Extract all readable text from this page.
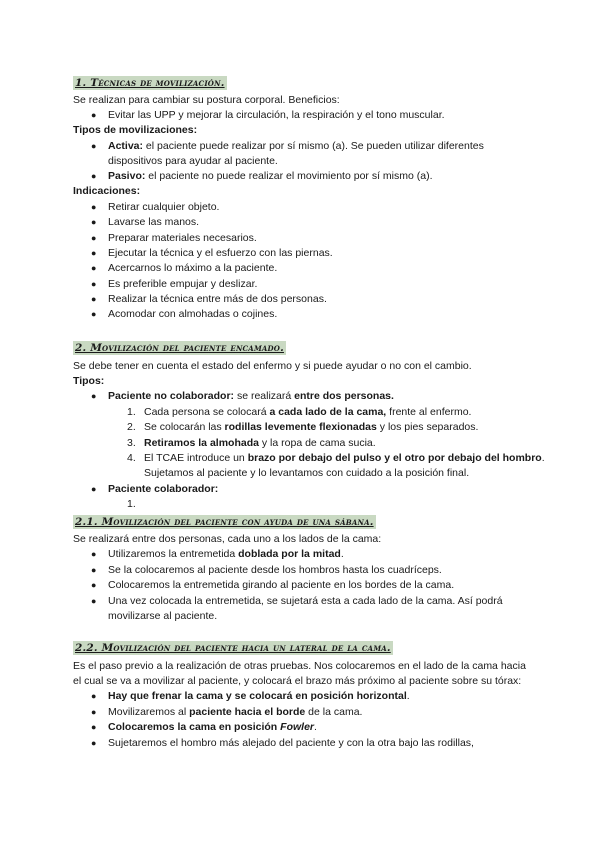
1. Técnicas de movilización.
Se realizan para cambiar su postura corporal. Beneficios:
● Evitar las UPP y mejorar la circulación, la respiración y el tono muscular.
Tipos de movilizaciones:
● Activa: el paciente puede realizar por sí mismo (a). Se pueden utilizar diferentes
dispositivos para ayudar al paciente.
● Pasivo: el paciente no puede realizar el movimiento por sí mismo (a).
Indicaciones:
● Retirar cualquier objeto.
● Lavarse las manos.
● Preparar materiales necesarios.
● Ejecutar la técnica y el esfuerzo con las piernas.
● Acercarnos lo máximo a la paciente.
● Es preferible empujar y deslizar.
● Realizar la técnica entre más de dos personas.
● Acomodar con almohadas o cojines.
2. Movilización del paciente encamado.
Se debe tener en cuenta el estado del enfermo y si puede ayudar o no con el cambio.
Tipos:
● Paciente no colaborador: se realizará entre dos personas.
1. Cada persona se colocará a cada lado de la cama, frente al enfermo.
2. Se colocarán las rodillas levemente flexionadas y los pies separados.
3. Retiramos la almohada y la ropa de cama sucia.
4. El TCAE introduce un brazo por debajo del pulso y el otro por debajo del hombro.
Sujetamos al paciente y lo levantamos con cuidado a la posición final.
● Paciente colaborador:
1.
2.1. Movilización del paciente con ayuda de una sábana.
Se realizará entre dos personas, cada uno a los lados de la cama:
● Utilizaremos la entremetida doblada por la mitad.
● Se la colocaremos al paciente desde los hombros hasta los cuadríceps.
● Colocaremos la entremetida girando al paciente en los bordes de la cama.
● Una vez colocada la entremetida, se sujetará esta a cada lado de la cama. Así podrá
movilizarse al paciente.
2.2. Movilización del paciente hacia un lateral de la cama.
Es el paso previo a la realización de otras pruebas. Nos colocaremos en el lado de la cama hacia
el cual se va a movilizar al paciente, y colocará el brazo más próximo al paciente sobre su tórax:
● Hay que frenar la cama y se colocará en posición horizontal.
● Movilizaremos al paciente hacia el borde de la cama.
● Colocaremos la cama en posición Fowler.
● Sujetaremos el hombro más alejado del paciente y con la otra bajo las rodillas,
